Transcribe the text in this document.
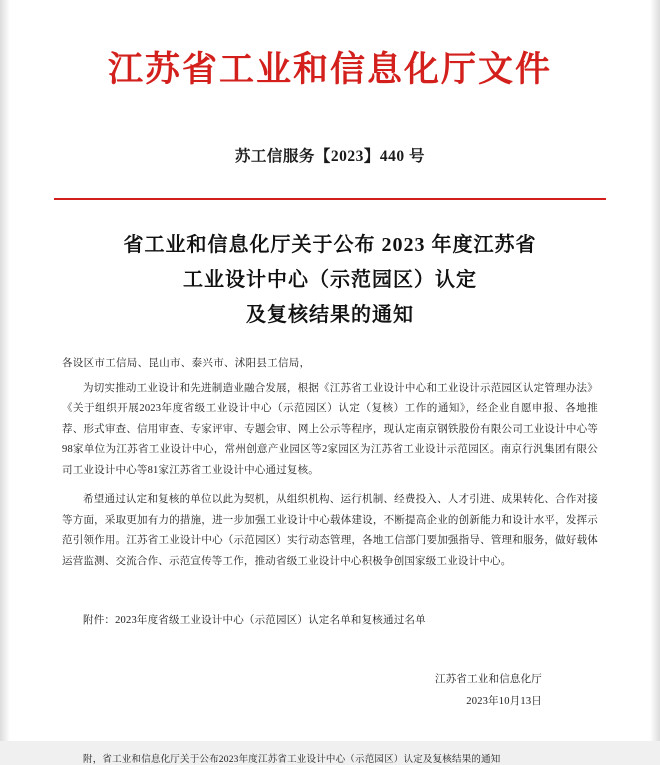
江苏省工业和信息化厅文件
苏工信服务【2023】440 号
省工业和信息化厅关于公布 2023 年度江苏省
工业设计中心（示范园区）认定
及复核结果的通知
各设区市工信局、昆山市、泰兴市、沭阳县工信局，
为切实推动工业设计和先进制造业融合发展，根据《江苏省工业设计中心和工业设计示范园区认定管理办法》《关于组织开展2023年度省级工业设计中心（示范园区）认定（复核）工作的通知》，经企业自愿申报、各地推荐、形式审查、信用审查、专家评审、专题会审、网上公示等程序，现认定南京钢铁股份有限公司工业设计中心等98家单位为江苏省工业设计中心，常州创意产业园区等2家园区为江苏省工业设计示范园区。南京行汎集团有限公司工业设计中心等81家江苏省工业设计中心通过复核。
希望通过认定和复核的单位以此为契机，从组织机构、运行机制、经费投入、人才引进、成果转化、合作对接等方面，采取更加有力的措施，进一步加强工业设计中心载体建设，不断提高企业的创新能力和设计水平，发挥示范引领作用。江苏省工业设计中心（示范园区）实行动态管理，各地工信部门要加强指导、管理和服务，做好载体运营监测、交流合作、示范宣传等工作，推动省级工业设计中心积极争创国家级工业设计中心。
附件：2023年度省级工业设计中心（示范园区）认定名单和复核通过名单
江苏省工业和信息化厅
2023年10月13日
附，省工业和信息化厅关于公布2023年度江苏省工业设计中心（示范园区）认定及复核结果的通知
